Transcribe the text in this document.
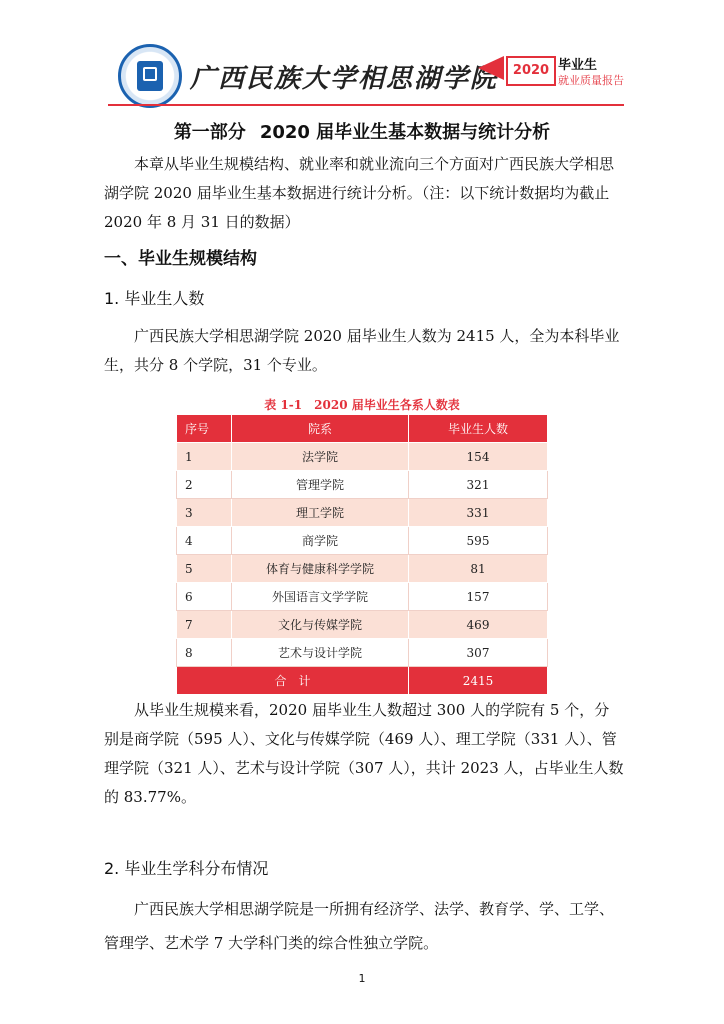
广西民族大学相思湖学院	2020 毕业生
就业质量报告
第一部分 2020 届毕业生基本数据与统计分析

本章从毕业生规模结构、就业率和就业流向三个方面对广西民族大学相思湖学院 2020 届毕业生基本数据进行统计分析。（注：以下统计数据均为截止 2020 年 8 月 31 日的数据）

一、毕业生规模结构
1. 毕业生人数

广西民族大学相思湖学院 2020 届毕业生人数为 2415 人，全为本科毕业生，共分 8 个学院，31 个专业。

表 1-1 2020 届毕业生各系人数表
序号	院系	毕业生人数
1	法学院	154
2	管理学院	321
3	理工学院	331
4	商学院	595
5	体育与健康科学学院	81
6	外国语言文学学院	157
7	文化与传媒学院	469
8	艺术与设计学院	307
合　计		2415

从毕业生规模来看，2020 届毕业生人数超过 300 人的学院有 5 个，分别是商学院（595 人）、文化与传媒学院（469 人）、理工学院（331 人）、管理学院（321 人）、艺术与设计学院（307 人），共计 2023 人，占毕业生人数的 83.77%。

2. 毕业生学科分布情况

广西民族大学相思湖学院是一所拥有经济学、法学、教育学、学、工学、管理学、艺术学 7 大学科门类的综合性独立学院。

1
